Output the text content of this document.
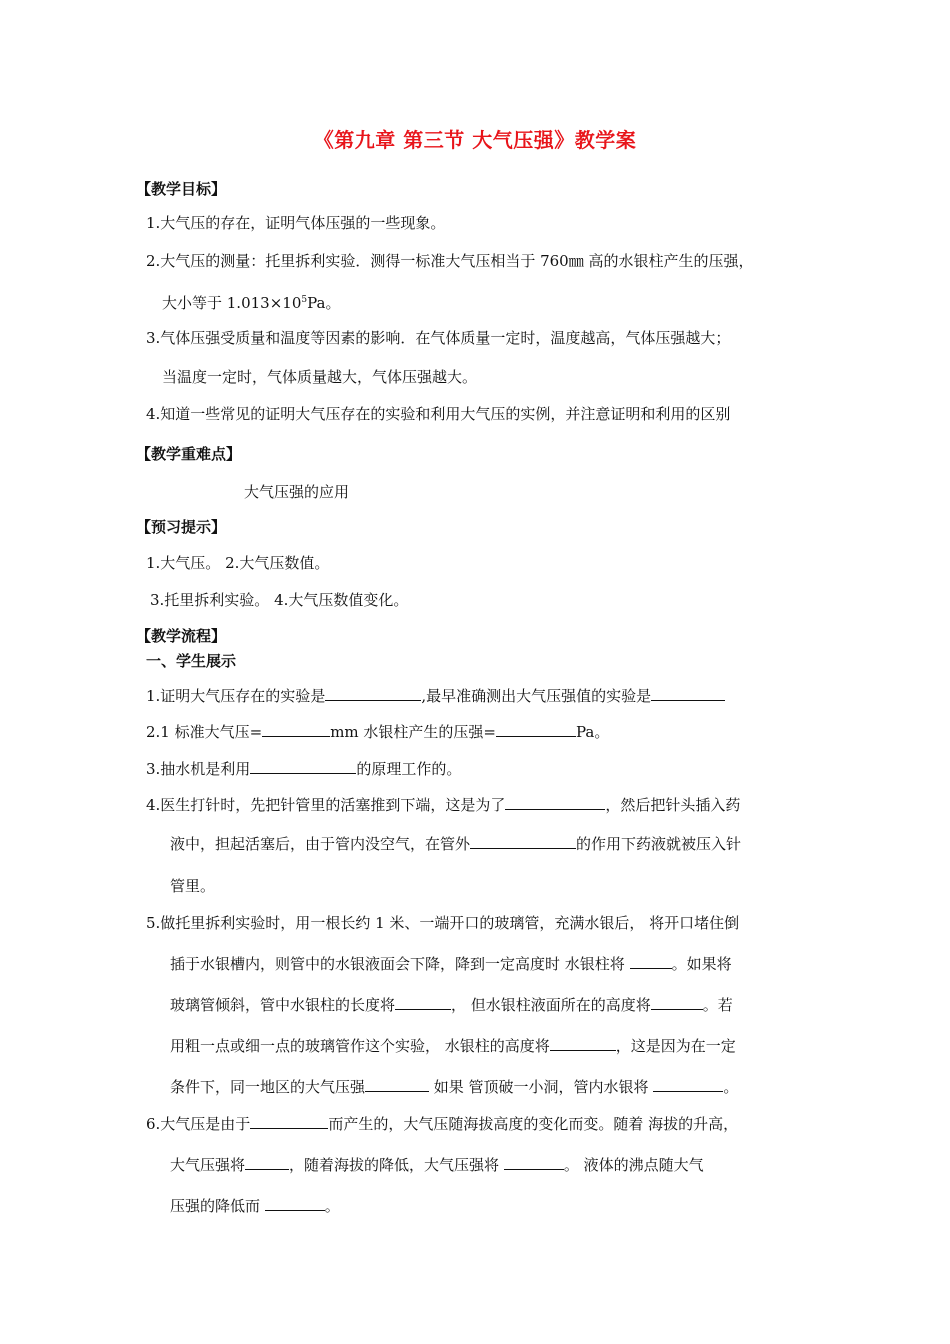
《第九章 第三节 大气压强》教学案
【教学目标】
1.大气压的存在，证明气体压强的一些现象。
2.大气压的测量：托里拆利实验．测得一标准大气压相当于 760㎜ 高的水银柱产生的压强，
大小等于 $1.013\times 10^5Pa$。
3.气体压强受质量和温度等因素的影响．在气体质量一定时，温度越高，气体压强越大；
当温度一定时，气体质量越大，气体压强越大。
4.知道一些常见的证明大气压存在的实验和利用大气压的实例，并注意证明和利用的区别
【教学重难点】
大气压强的应用
【预习提示】
1.大气压。 2.大气压数值。
3.托里拆利实验。 4.大气压数值变化。
【教学流程】
一、学生展示
1.证明大气压存在的实验是	,最早准确测出大气压强值的实验是
2.1 标准大气压=	mm 水银柱产生的压强=	Pa。
3.抽水机是利用	的原理工作的。
4.医生打针时，先把针管里的活塞推到下端，这是为了	，然后把针头插入药
液中，担起活塞后，由于管内没空气，在管外	的作用下药液就被压入针
管里。
5.做托里拆利实验时，用一根长约 1 米、一端开口的玻璃管，充满水银后， 将开口堵住倒
插于水银槽内，则管中的水银液面会下降，降到一定高度时 水银柱将	。如果将
玻璃管倾斜，管中水银柱的长度将	， 但水银柱液面所在的高度将	。若
用粗一点或细一点的玻璃管作这个实验， 水银柱的高度将	，这是因为在一定
条件下，同一地区的大气压强	如果 管顶破一小洞，管内水银将	。
6.大气压是由于	而产生的，大气压随海拔高度的变化而变。随着 海拔的升高，
大气压强将	，随着海拔的降低，大气压强将	。 液体的沸点随大气
压强的降低而	。
